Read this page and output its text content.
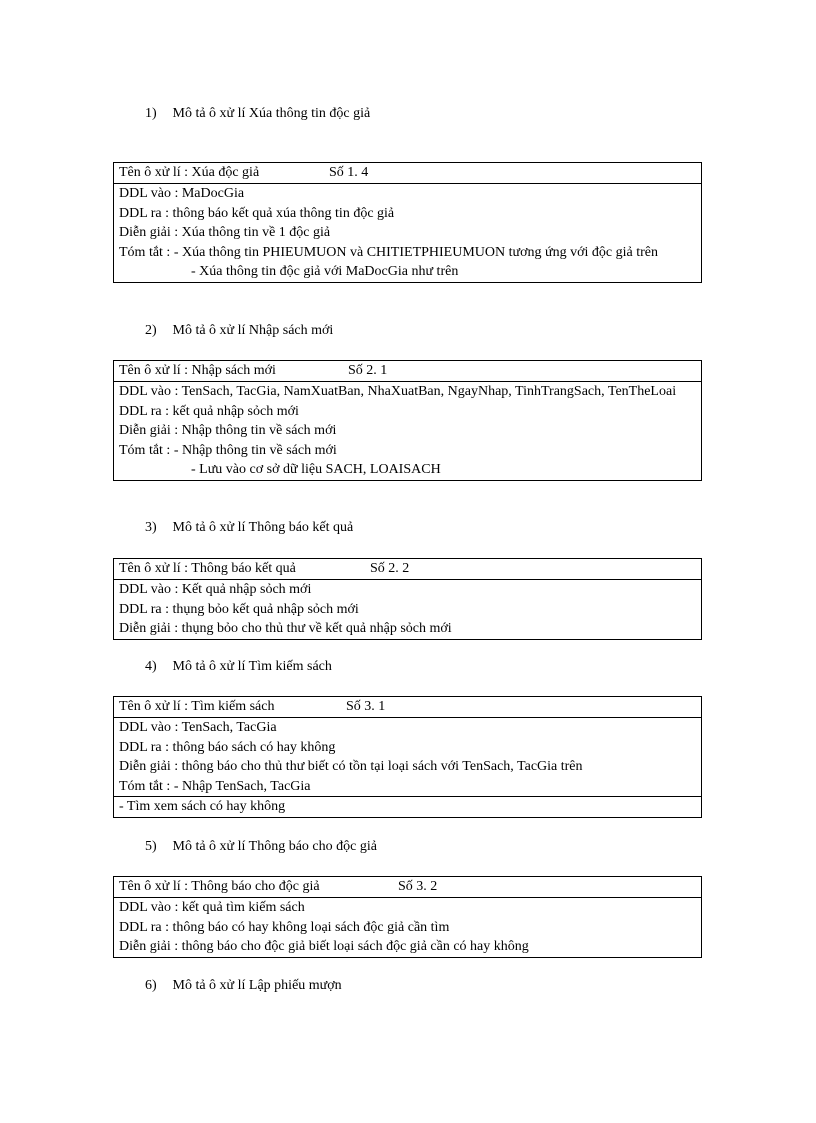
1) Mô tả ô xử lí Xúa thông tin độc giả
Tên ô xử lí : Xúa độc giả	Số 1. 4
DDL vào : MaDocGia
DDL ra : thông báo kết quả xúa thông tin độc giả
Diễn giải : Xúa thông tin về 1 độc giả
Tóm tắt : - Xúa thông tin PHIEUMUON và CHITIETPHIEUMUON tương ứng với độc giả trên
- Xúa thông tin độc giả với MaDocGia như trên
2) Mô tả ô xử lí Nhập sách mới
Tên ô xử lí : Nhập sách mới	Số 2. 1
DDL vào : TenSach, TacGia, NamXuatBan, NhaXuatBan, NgayNhap, TinhTrangSach, TenTheLoai
DDL ra : kết quả nhập sỏch mới
Diễn giải : Nhập thông tin về sách mới
Tóm tắt : - Nhập thông tin về sách mới
- Lưu vào cơ sở dữ liệu SACH, LOAISACH
3) Mô tả ô xử lí Thông báo kết quả
Tên ô xử lí : Thông báo kết quả	Số 2. 2
DDL vào : Kết quả nhập sỏch mới
DDL ra : thụng bỏo kết quả nhập sỏch mới
Diễn giải : thụng bỏo cho thủ thư về kết quả nhập sỏch mới
4) Mô tả ô xử lí Tìm kiếm sách
Tên ô xử lí : Tìm kiếm sách	Số 3. 1
DDL vào : TenSach, TacGia
DDL ra : thông báo sách có hay không
Diễn giải : thông báo cho thủ thư biết có tồn tại loại sách với TenSach, TacGia trên
Tóm tắt : - Nhập TenSach, TacGia
- Tìm xem sách có hay không
5) Mô tả ô xử lí Thông báo cho độc giả
Tên ô xử lí : Thông báo cho độc giả	Số 3. 2
DDL vào : kết quả tìm kiếm sách
DDL ra : thông báo có hay không loại sách độc giả cần tìm
Diễn giải : thông báo cho độc giả biết loại sách độc giả cần có hay không
6) Mô tả ô xử lí Lập phiếu mượn
